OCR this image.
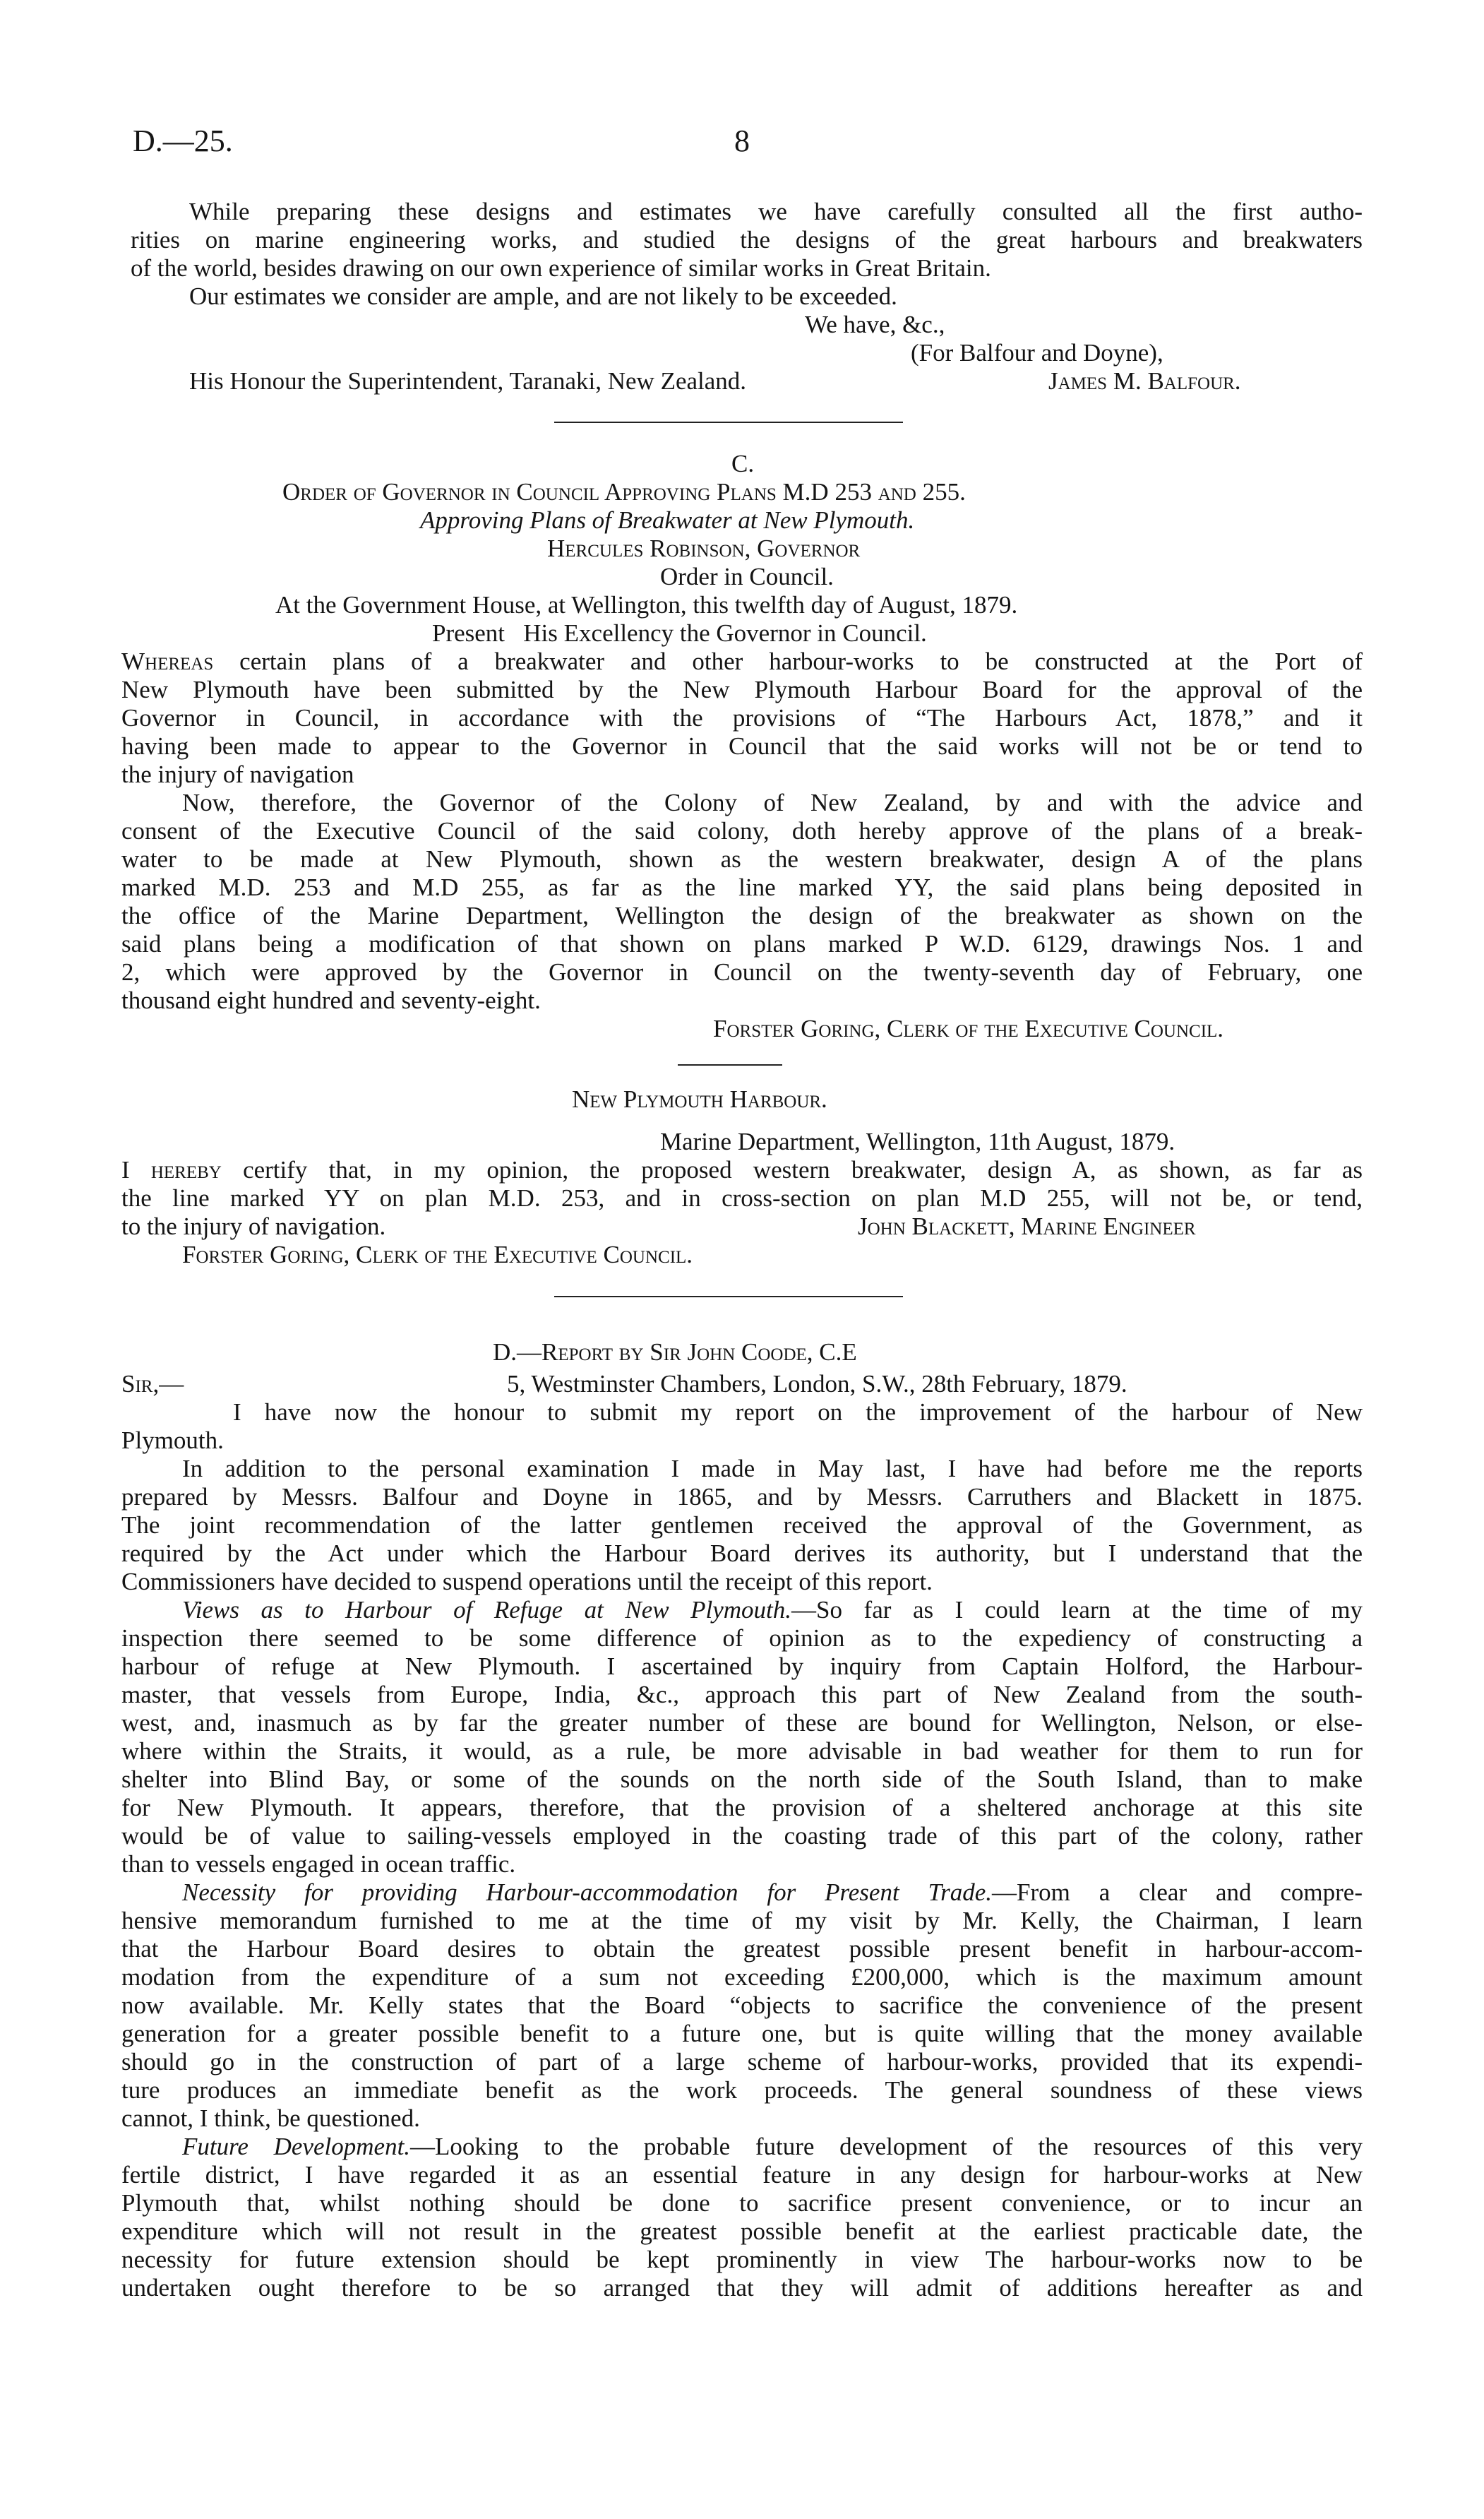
D.—25.	8
While preparing these designs and estimates we have carefully consulted all the first autho-
rities on marine engineering works, and studied the designs of the great harbours and breakwaters
of the world, besides drawing on our own experience of similar works in Great Britain.
Our estimates we consider are ample, and are not likely to be exceeded.
We have, &c.,
(For Balfour and Doyne),
His Honour the Superintendent, Taranaki, New Zealand.	James M. Balfour.
C.
Order of Governor in Council Approving Plans M.D 253 and 255.
Approving Plans of Breakwater at New Plymouth.
Hercules Robinson, Governor
Order in Council.
At the Government House, at Wellington, this twelfth day of August, 1879.
Present   His Excellency the Governor in Council.
Whereas certain plans of a breakwater and other harbour-works to be constructed at the Port of
New Plymouth have been submitted by the New Plymouth Harbour Board for the approval of the
Governor in Council, in accordance with the provisions of “The Harbours Act, 1878,” and it
having been made to appear to the Governor in Council that the said works will not be or tend to
the injury of navigation
Now, therefore, the Governor of the Colony of New Zealand, by and with the advice and
consent of the Executive Council of the said colony, doth hereby approve of the plans of a break-
water to be made at New Plymouth, shown as the western breakwater, design A of the plans
marked M.D. 253 and M.D 255, as far as the line marked YY, the said plans being deposited in
the office of the Marine Department, Wellington the design of the breakwater as shown on the
said plans being a modification of that shown on plans marked P W.D. 6129, drawings Nos. 1 and
2, which were approved by the Governor in Council on the twenty-seventh day of February, one
thousand eight hundred and seventy-eight.
Forster Goring, Clerk of the Executive Council.
New Plymouth Harbour.
Marine Department, Wellington, 11th August, 1879.
I hereby certify that, in my opinion, the proposed western breakwater, design A, as shown, as far as
the line marked YY on plan M.D. 253, and in cross-section on plan M.D 255, will not be, or tend,
to the injury of navigation.	John Blackett, Marine Engineer
Forster Goring, Clerk of the Executive Council.
D.—Report by Sir John Coode, C.E
Sir,—	5, Westminster Chambers, London, S.W., 28th February, 1879.
I have now the honour to submit my report on the improvement of the harbour of New
Plymouth.
In addition to the personal examination I made in May last, I have had before me the reports
prepared by Messrs. Balfour and Doyne in 1865, and by Messrs. Carruthers and Blackett in 1875.
The joint recommendation of the latter gentlemen received the approval of the Government, as
required by the Act under which the Harbour Board derives its authority, but I understand that the
Commissioners have decided to suspend operations until the receipt of this report.
Views as to Harbour of Refuge at New Plymouth.—So far as I could learn at the time of my
inspection there seemed to be some difference of opinion as to the expediency of constructing a
harbour of refuge at New Plymouth. I ascertained by inquiry from Captain Holford, the Harbour-
master, that vessels from Europe, India, &c., approach this part of New Zealand from the south-
west, and, inasmuch as by far the greater number of these are bound for Wellington, Nelson, or else-
where within the Straits, it would, as a rule, be more advisable in bad weather for them to run for
shelter into Blind Bay, or some of the sounds on the north side of the South Island, than to make
for New Plymouth. It appears, therefore, that the provision of a sheltered anchorage at this site
would be of value to sailing-vessels employed in the coasting trade of this part of the colony, rather
than to vessels engaged in ocean traffic.
Necessity for providing Harbour-accommodation for Present Trade.—From a clear and compre-
hensive memorandum furnished to me at the time of my visit by Mr. Kelly, the Chairman, I learn
that the Harbour Board desires to obtain the greatest possible present benefit in harbour-accom-
modation from the expenditure of a sum not exceeding £200,000, which is the maximum amount
now available. Mr. Kelly states that the Board “objects to sacrifice the convenience of the present
generation for a greater possible benefit to a future one, but is quite willing that the money available
should go in the construction of part of a large scheme of harbour-works, provided that its expendi-
ture produces an immediate benefit as the work proceeds. The general soundness of these views
cannot, I think, be questioned.
Future Development.—Looking to the probable future development of the resources of this very
fertile district, I have regarded it as an essential feature in any design for harbour-works at New
Plymouth that, whilst nothing should be done to sacrifice present convenience, or to incur an
expenditure which will not result in the greatest possible benefit at the earliest practicable date, the
necessity for future extension should be kept prominently in view The harbour-works now to be
undertaken ought therefore to be so arranged that they will admit of additions hereafter as and
